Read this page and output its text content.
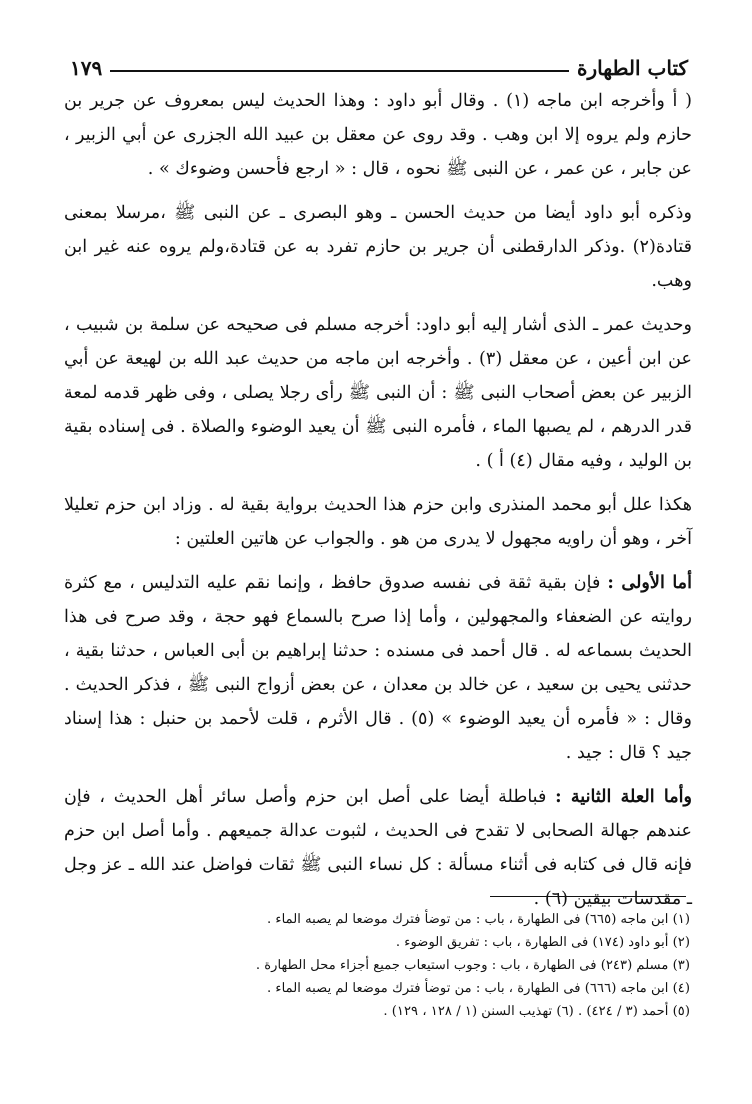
كتاب الطهارة
١٧٩

( أ وأخرجه ابن ماجه (١) . وقال أبو داود : وهذا الحديث ليس بمعروف عن جرير بن حازم ولم يروه إلا ابن وهب . وقد روى عن معقل بن عبيد الله الجزرى عن أبي الزبير ، عن جابر ، عن عمر ، عن النبى ﷺ نحوه ، قال : « ارجع فأحسن وضوءك » .

وذكره أبو داود أيضا من حديث الحسن ـ وهو البصرى ـ عن النبى ﷺ ،مرسلا بمعنى قتادة(٢) .وذكر الدارقطنى أن جرير بن حازم تفرد به عن قتادة،ولم يروه عنه غير ابن وهب.

وحديث عمر ـ الذى أشار إليه أبو داود: أخرجه مسلم فى صحيحه عن سلمة بن شبيب ، عن ابن أعين ، عن معقل (٣) . وأخرجه ابن ماجه من حديث عبد الله بن لهيعة عن أبي الزبير عن بعض أصحاب النبى ﷺ : أن النبى ﷺ رأى رجلا يصلى ، وفى ظهر قدمه لمعة قدر الدرهم ، لم يصبها الماء ، فأمره النبى ﷺ أن يعيد الوضوء والصلاة . فى إسناده بقية بن الوليد ، وفيه مقال (٤) أ ) .

هكذا علل أبو محمد المنذرى وابن حزم هذا الحديث برواية بقية له . وزاد ابن حزم تعليلا آخر ، وهو أن راويه مجهول لا يدرى من هو . والجواب عن هاتين العلتين :

أما الأولى : فإن بقية ثقة فى نفسه صدوق حافظ ، وإنما نقم عليه التدليس ، مع كثرة روايته عن الضعفاء والمجهولين ، وأما إذا صرح بالسماع فهو حجة ، وقد صرح فى هذا الحديث بسماعه له . قال أحمد فى مسنده : حدثنا إبراهيم بن أبى العباس ، حدثنا بقية ، حدثنى يحيى بن سعيد ، عن خالد بن معدان ، عن بعض أزواج النبى ﷺ ، فذكر الحديث . وقال : « فأمره أن يعيد الوضوء » (٥) . قال الأثرم ، قلت لأحمد بن حنبل : هذا إسناد جيد ؟ قال : جيد .

وأما العلة الثانية : فباطلة أيضا على أصل ابن حزم وأصل سائر أهل الحديث ، فإن عندهم جهالة الصحابى لا تقدح فى الحديث ، لثبوت عدالة جميعهم . وأما أصل ابن حزم فإنه قال فى كتابه فى أثناء مسألة : كل نساء النبى ﷺ ثقات فواضل عند الله ـ عز وجل ـ مقدسات بيقين (٦) .

(١) ابن ماجه (٦٦٥) فى الطهارة ، باب : من توضأ فترك موضعا لم يصبه الماء .
(٢) أبو داود (١٧٤) فى الطهارة ، باب : تفريق الوضوء .
(٣) مسلم (٢٤٣) فى الطهارة ، باب : وجوب استيعاب جميع أجزاء محل الطهارة .
(٤) ابن ماجه (٦٦٦) فى الطهارة ، باب : من توضأ فترك موضعا لم يصبه الماء .
(٥) أحمد (٣ / ٤٢٤) . (٦) تهذيب السنن (١ / ١٢٨ ، ١٢٩) .
